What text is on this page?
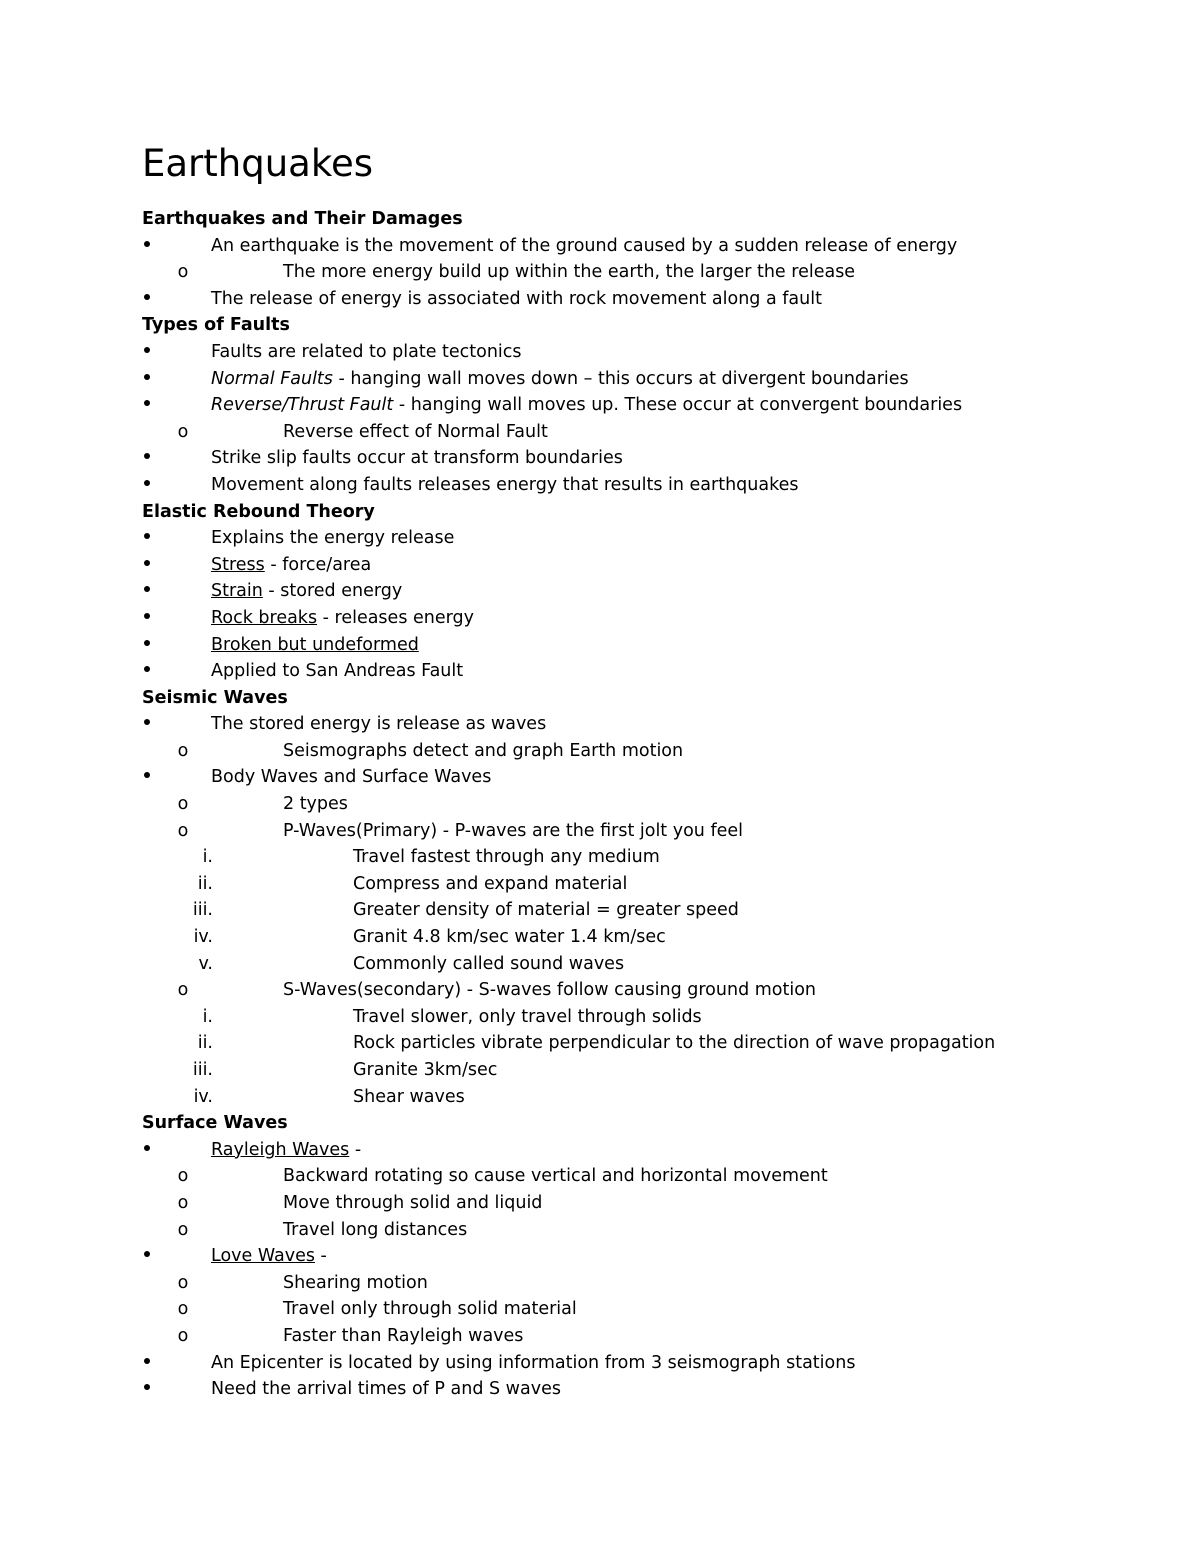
Earthquakes
Earthquakes and Their Damages
An earthquake is the movement of the ground caused by a sudden release of energy
o	The more energy build up within the earth, the larger the release
The release of energy is associated with rock movement along a fault
Types of Faults
Faults are related to plate tectonics
Normal Faults - hanging wall moves down – this occurs at divergent boundaries
Reverse/Thrust Fault - hanging wall moves up. These occur at convergent boundaries
o	Reverse effect of Normal Fault
Strike slip faults occur at transform boundaries
Movement along faults releases energy that results in earthquakes
Elastic Rebound Theory
Explains the energy release
Stress - force/area
Strain - stored energy
Rock breaks - releases energy
Broken but undeformed
Applied to San Andreas Fault
Seismic Waves
The stored energy is release as waves
o	Seismographs detect and graph Earth motion
Body Waves and Surface Waves
o	2 types
o	P-Waves(Primary) - P-waves are the first jolt you feel
i.	Travel fastest through any medium
ii.	Compress and expand material
iii.	Greater density of material = greater speed
iv.	Granit 4.8 km/sec water 1.4 km/sec
v.	Commonly called sound waves
o	S-Waves(secondary) - S-waves follow causing ground motion
i.	Travel slower, only travel through solids
ii.	Rock particles vibrate perpendicular to the direction of wave propagation
iii.	Granite 3km/sec
iv.	Shear waves
Surface Waves
Rayleigh Waves -
o	Backward rotating so cause vertical and horizontal movement
o	Move through solid and liquid
o	Travel long distances
Love Waves -
o	Shearing motion
o	Travel only through solid material
o	Faster than Rayleigh waves
An Epicenter is located by using information from 3 seismograph stations
Need the arrival times of P and S waves
